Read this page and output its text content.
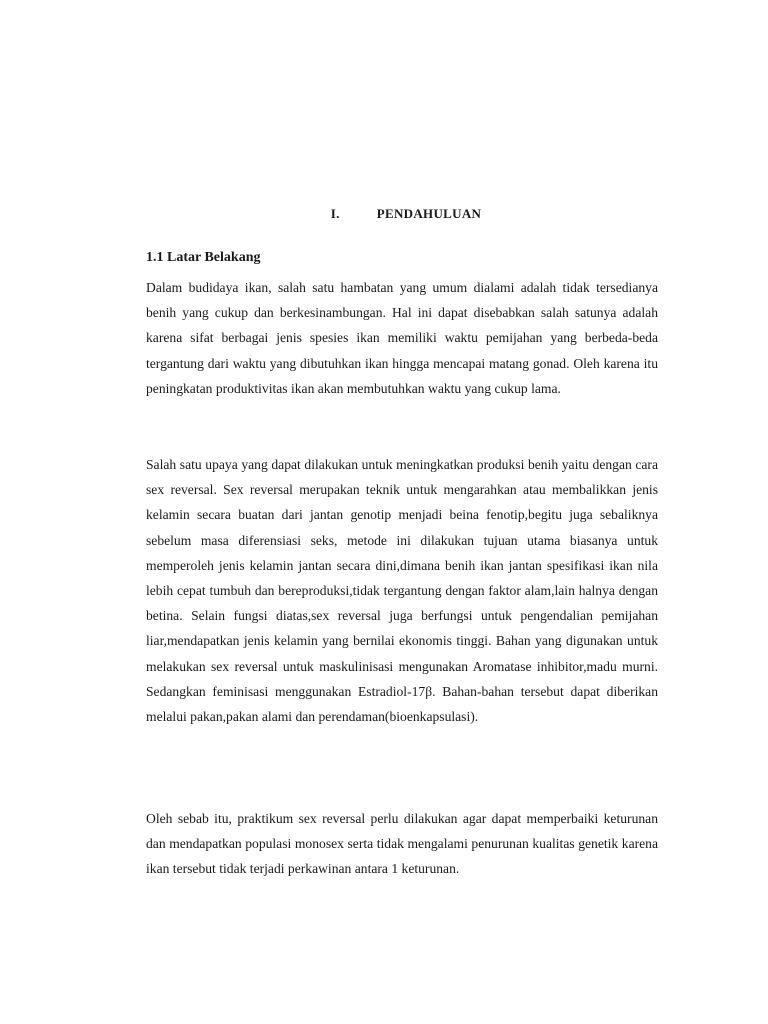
I.	PENDAHULUAN
1.1 Latar Belakang

Dalam budidaya ikan, salah satu hambatan yang umum dialami adalah tidak tersedianya benih yang cukup dan berkesinambungan. Hal ini dapat disebabkan salah satunya adalah karena sifat berbagai jenis spesies ikan memiliki waktu pemijahan yang berbeda-beda tergantung dari waktu yang dibutuhkan ikan hingga mencapai matang gonad. Oleh karena itu peningkatan produktivitas ikan akan membutuhkan waktu yang cukup lama.

Salah satu upaya yang dapat dilakukan untuk meningkatkan produksi benih yaitu dengan cara sex reversal. Sex reversal merupakan teknik untuk mengarahkan atau membalikkan jenis kelamin secara buatan dari jantan genotip menjadi beina fenotip,begitu juga sebaliknya sebelum masa diferensiasi seks, metode ini dilakukan tujuan utama biasanya untuk memperoleh jenis kelamin jantan secara dini,dimana benih ikan jantan spesifikasi ikan nila lebih cepat tumbuh dan bereproduksi,tidak tergantung dengan faktor alam,lain halnya dengan betina. Selain fungsi diatas,sex reversal juga berfungsi untuk pengendalian pemijahan liar,mendapatkan jenis kelamin yang bernilai ekonomis tinggi. Bahan yang digunakan untuk melakukan sex reversal untuk maskulinisasi mengunakan Aromatase inhibitor,madu murni. Sedangkan feminisasi menggunakan Estradiol-17β. Bahan-bahan tersebut dapat diberikan melalui pakan,pakan alami dan perendaman(bioenkapsulasi).

Oleh sebab itu, praktikum sex reversal perlu dilakukan agar dapat memperbaiki keturunan dan mendapatkan populasi monosex serta tidak mengalami penurunan kualitas genetik karena ikan tersebut tidak terjadi perkawinan antara 1 keturunan.
